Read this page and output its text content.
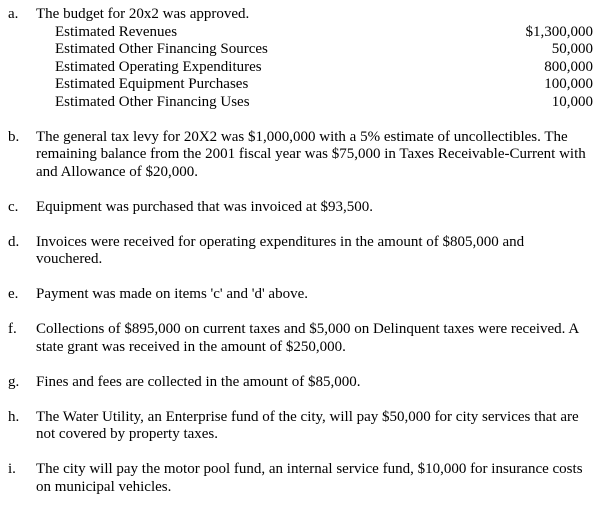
a.	The budget for 20x2 was approved.
Estimated Revenues	$1,300,000
Estimated Other Financing Sources	50,000
Estimated Operating Expenditures	800,000
Estimated Equipment Purchases	100,000
Estimated Other Financing Uses	10,000
b.	The general tax levy for 20X2 was $1,000,000 with a 5% estimate of uncollectibles. The remaining balance from the 2001 fiscal year was $75,000 in Taxes Receivable-Current with and Allowance of $20,000.
c.	Equipment was purchased that was invoiced at $93,500.
d.	Invoices were received for operating expenditures in the amount of $805,000 and vouchered.
e.	Payment was made on items 'c' and 'd' above.
f.	Collections of $895,000 on current taxes and $5,000 on Delinquent taxes were received. A state grant was received in the amount of $250,000.
g.	Fines and fees are collected in the amount of $85,000.
h.	The Water Utility, an Enterprise fund of the city, will pay $50,000 for city services that are not covered by property taxes.
i.	The city will pay the motor pool fund, an internal service fund, $10,000 for insurance costs on municipal vehicles.
